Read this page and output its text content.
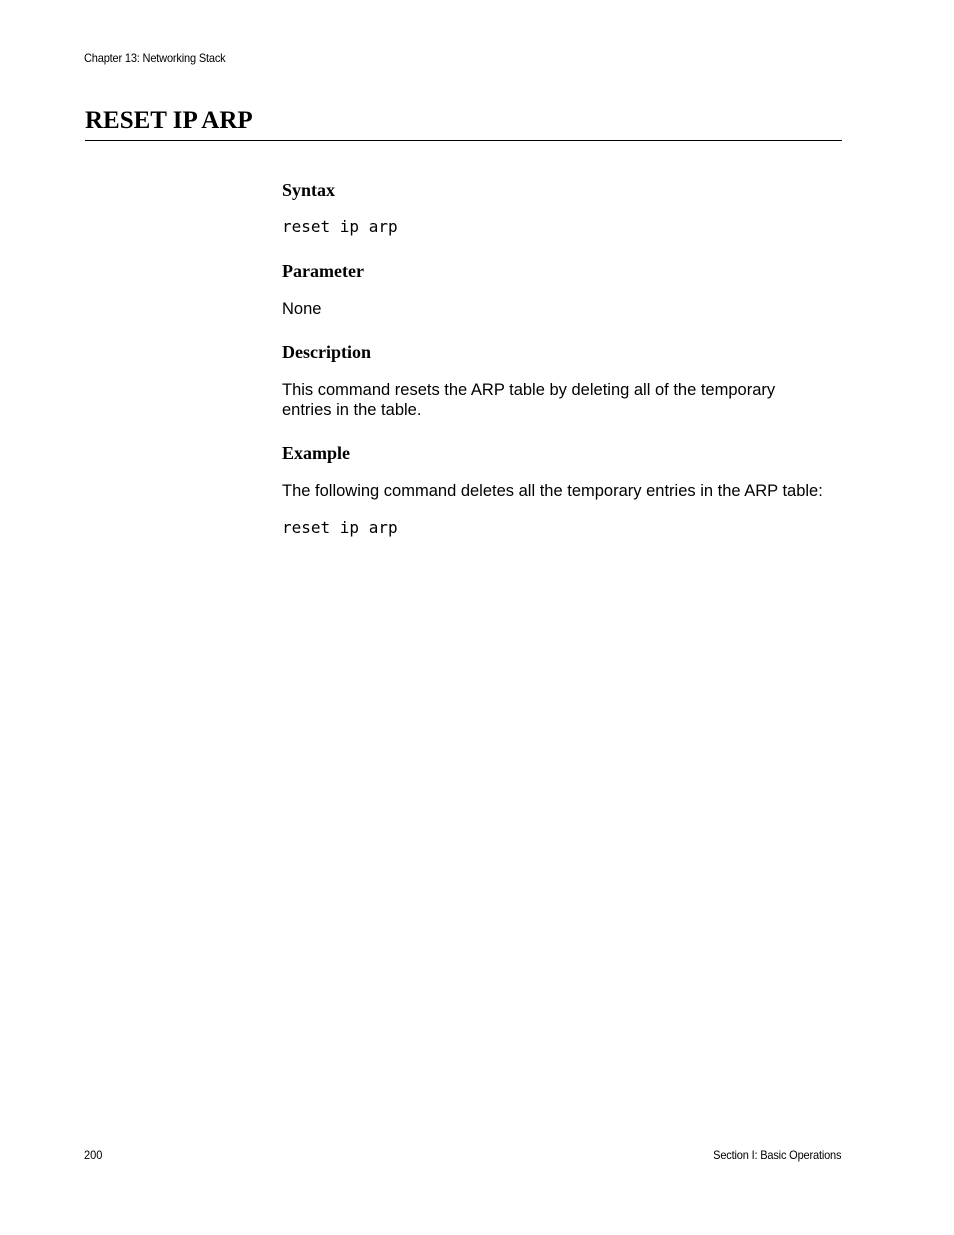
Chapter 13: Networking Stack
RESET IP ARP
Syntax
reset ip arp
Parameter

None

Description

This command resets the ARP table by deleting all of the temporary entries in the table.

Example

The following command deletes all the temporary entries in the ARP table:

reset ip arp
200	Section I: Basic Operations
